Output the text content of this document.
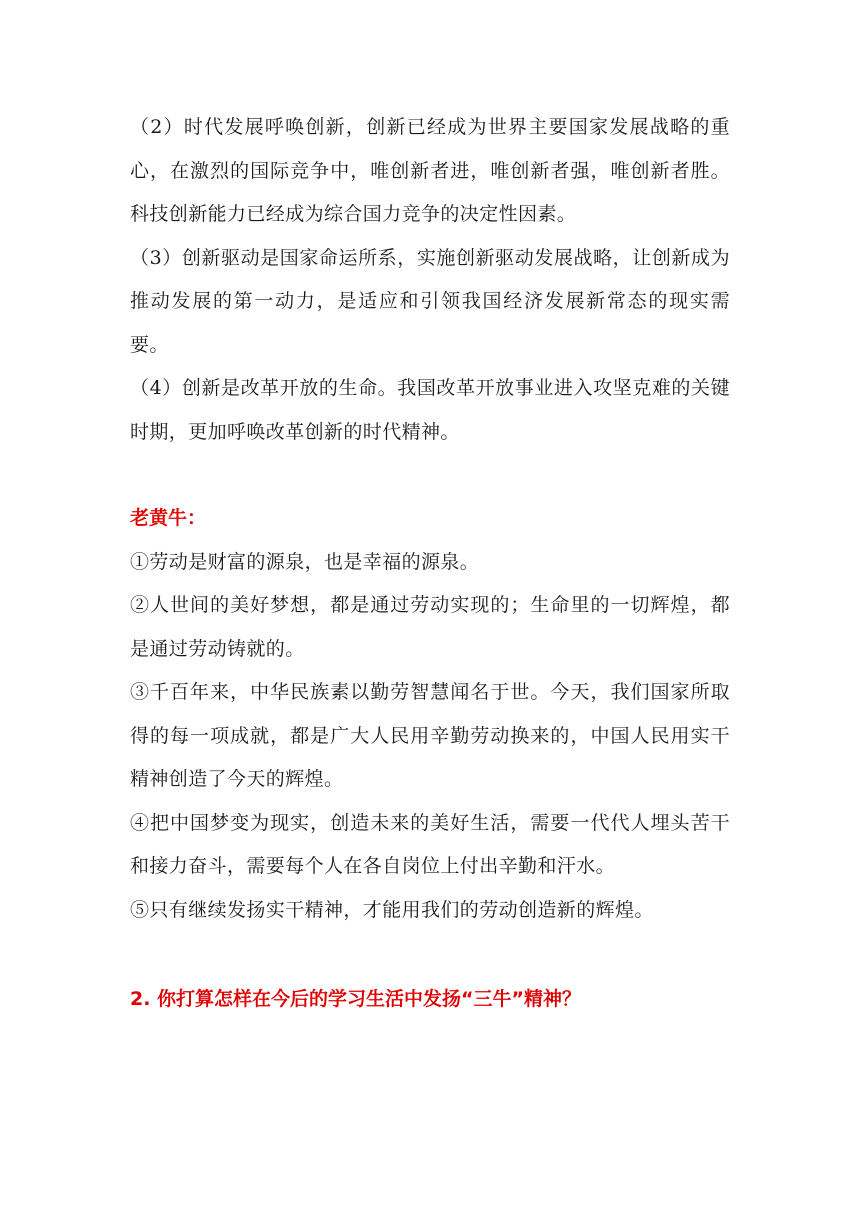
（2）时代发展呼唤创新，创新已经成为世界主要国家发展战略的重心，在激烈的国际竞争中，唯创新者进，唯创新者强，唯创新者胜。 科技创新能力已经成为综合国力竞争的决定性因素。

（3）创新驱动是国家命运所系，实施创新驱动发展战略，让创新成为推动发展的第一动力，是适应和引领我国经济发展新常态的现实需要。

（4）创新是改革开放的生命。我国改革开放事业进入攻坚克难的关键时期，更加呼唤改革创新的时代精神。

老黄牛：

①劳动是财富的源泉，也是幸福的源泉。

②人世间的美好梦想，都是通过劳动实现的；生命里的一切辉煌，都是通过劳动铸就的。

③千百年来，中华民族素以勤劳智慧闻名于世。今天，我们国家所取得的每一项成就，都是广大人民用辛勤劳动换来的，中国人民用实干精神创造了今天的辉煌。

④把中国梦变为现实，创造未来的美好生活，需要一代代人埋头苦干和接力奋斗，需要每个人在各自岗位上付出辛勤和汗水。

⑤只有继续发扬实干精神，才能用我们的劳动创造新的辉煌。

2. 你打算怎样在今后的学习生活中发扬“三牛”精神？
